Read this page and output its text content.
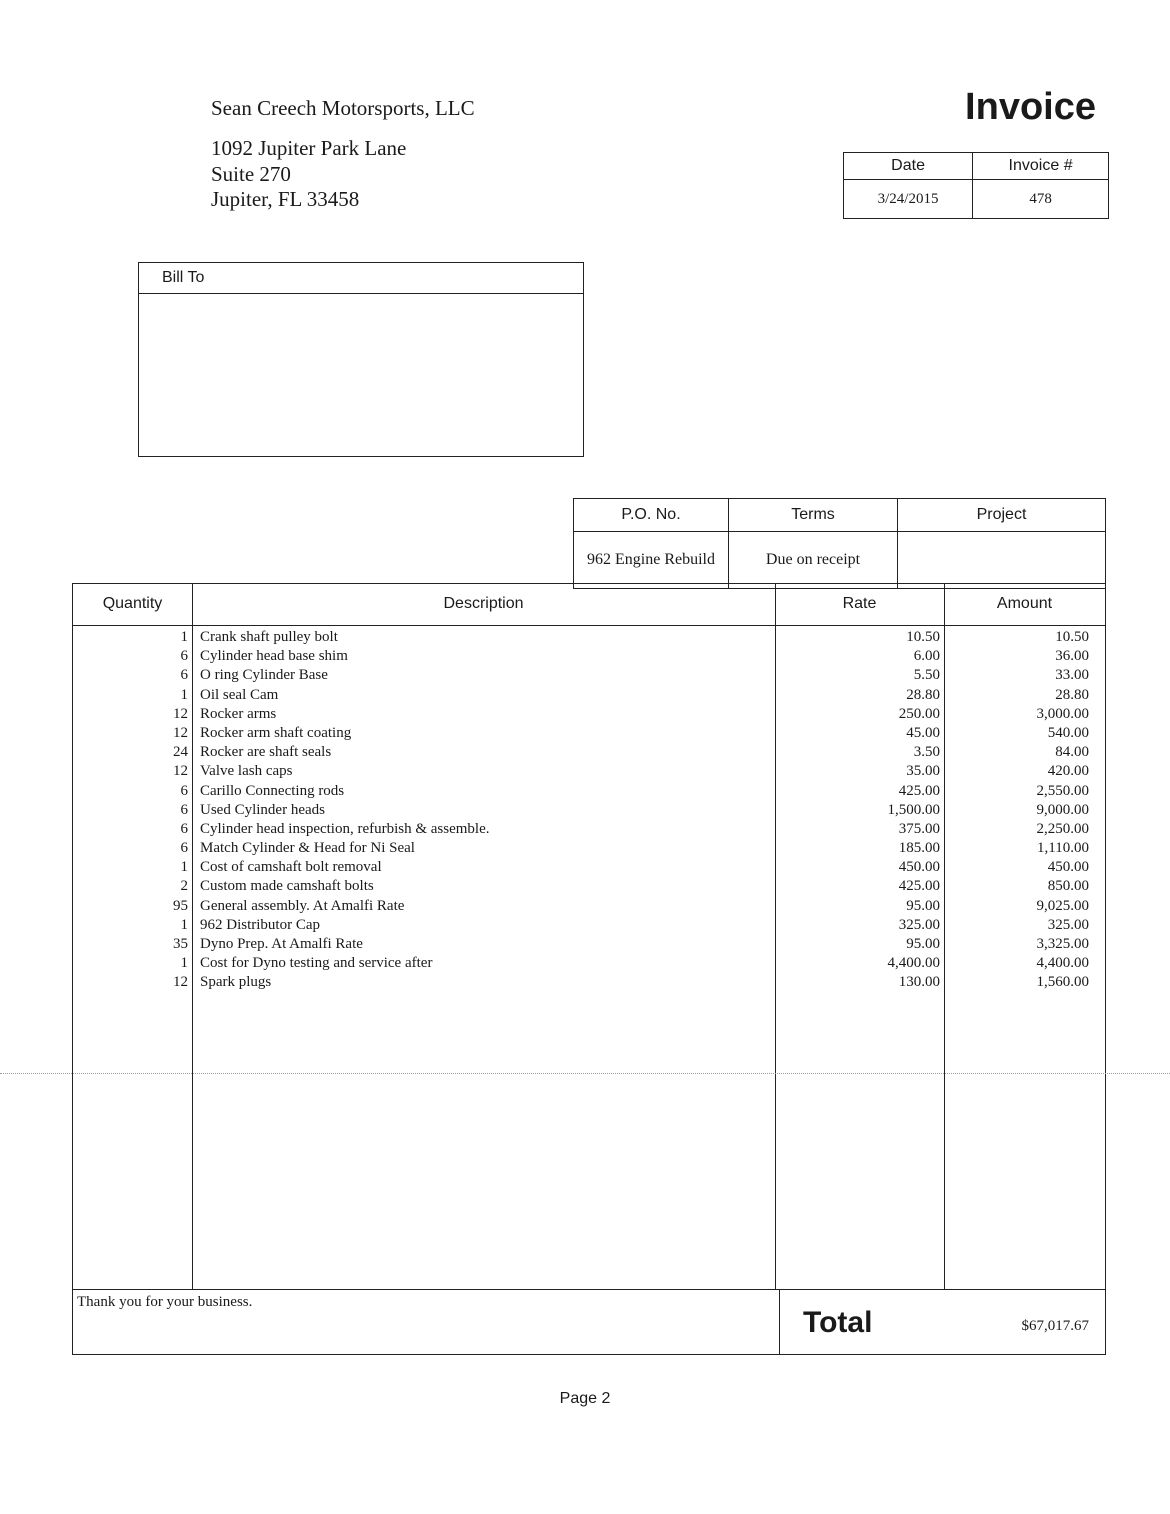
Sean Creech Motorsports, LLC
1092 Jupiter Park Lane
Suite 270
Jupiter, FL 33458
Invoice
Date	Invoice #
3/24/2015	478
Bill To
P.O. No.	Terms	Project
962 Engine Rebuild	Due on receipt	
Quantity	Description	Rate	Amount
1 Crank shaft pulley bolt	10.50	10.50
6 Cylinder head base shim	6.00	36.00
6 O ring Cylinder Base	5.50	33.00
1 Oil seal Cam	28.80	28.80
12 Rocker arms	250.00	3,000.00
12 Rocker arm shaft coating	45.00	540.00
24 Rocker are shaft seals	3.50	84.00
12 Valve lash caps	35.00	420.00
6 Carillo Connecting rods	425.00	2,550.00
6 Used Cylinder heads	1,500.00	9,000.00
6 Cylinder head inspection, refurbish & assemble.	375.00	2,250.00
6 Match Cylinder & Head for Ni Seal	185.00	1,110.00
1 Cost of camshaft bolt removal	450.00	450.00
2 Custom made camshaft bolts	425.00	850.00
95 General assembly. At Amalfi Rate	95.00	9,025.00
1 962 Distributor Cap	325.00	325.00
35 Dyno Prep. At Amalfi Rate	95.00	3,325.00
1 Cost for Dyno testing and service after	4,400.00	4,400.00
12 Spark plugs	130.00	1,560.00
Thank you for your business.
Total	$67,017.67
Page 2
